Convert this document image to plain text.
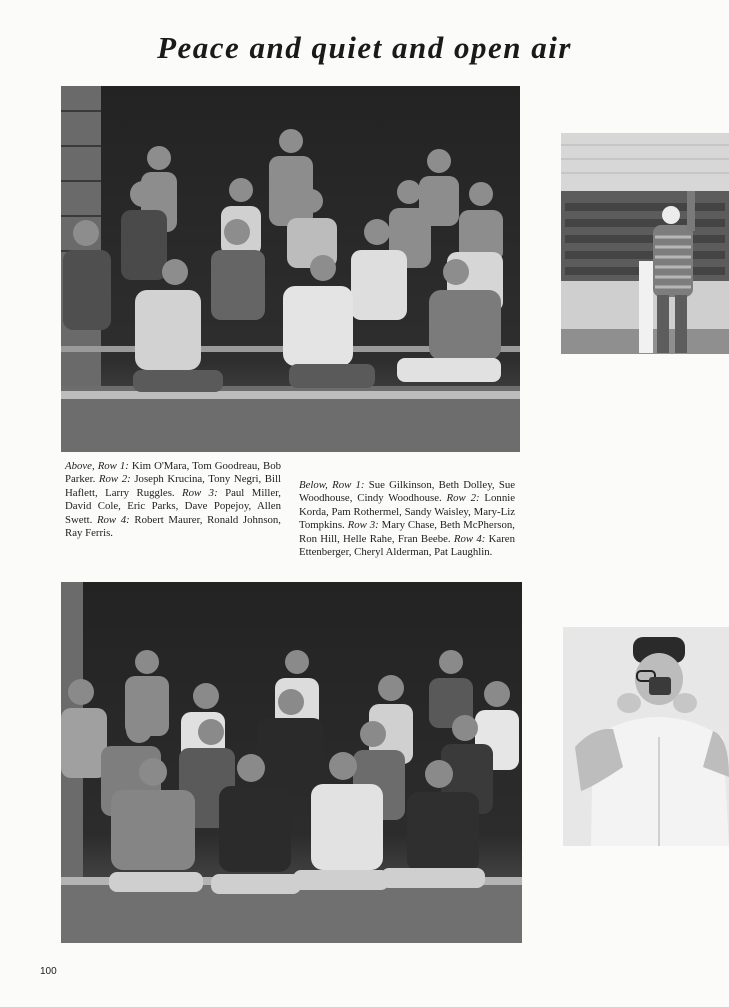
Peace and quiet and open air

Above, Row 1: Kim O'Mara, Tom Goodreau, Bob Parker. Row 2: Joseph Krucina, Tony Negri, Bill Haflett, Larry Ruggles. Row 3: Paul Miller, David Cole, Eric Parks, Dave Popejoy, Allen Swett. Row 4: Robert Maurer, Ronald Johnson, Ray Ferris.

Below, Row 1: Sue Gilkinson, Beth Dolley, Sue Woodhouse, Cindy Woodhouse. Row 2: Lonnie Korda, Pam Rothermel, Sandy Waisley, Mary-Liz Tompkins. Row 3: Mary Chase, Beth McPherson, Ron Hill, Helle Rahe, Fran Beebe. Row 4: Karen Ettenberger, Cheryl Alderman, Pat Laughlin.

100
